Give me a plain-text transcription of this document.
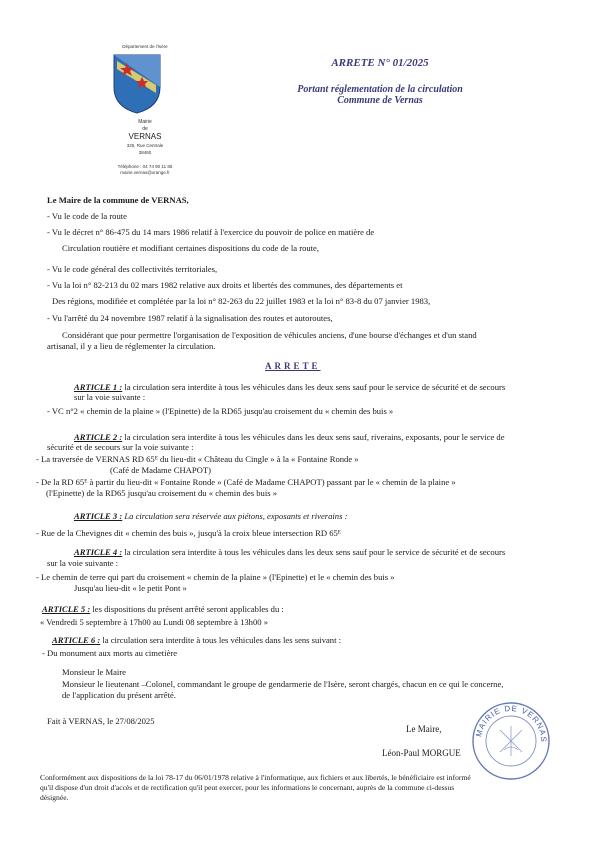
Département de l'Isère
Mairie
de
VERNAS
325, Rue Centrale
38460
Téléphone : 04 74 90 11 85
mairie.vernas@orange.fr
ARRETE N° 01/2025
Portant réglementation de la circulation
Commune de Vernas
Le Maire de la commune de VERNAS,
- Vu le code de la route
- Vu le décret n° 86-475 du 14 mars 1986 relatif à l'exercice du pouvoir de police en matière de
Circulation routière et modifiant certaines dispositions du code de la route,
- Vu le code général des collectivités territoriales,
- Vu la loi n° 82-213 du 02 mars 1982 relative aux droits et libertés des communes, des départements et
Des régions, modifiée et complétée par la loi n° 82-263 du 22 juillet 1983 et la loi n° 83-8 du 07 janvier 1983,
- Vu l'arrêté du 24 novembre 1987 relatif à la signalisation des routes et autoroutes,
Considérant que pour permettre l'organisation de l'exposition de véhicules anciens, d'une bourse d'échanges et d'un stand
artisanal, il y a lieu de réglementer la circulation.
ARRETE
ARTICLE 1 : la circulation sera interdite à tous les véhicules dans les deux sens sauf pour le service de sécurité et de secours
sur la voie suivante :
- VC n°2 « chemin de la plaine » (l'Epinette) de la RD65 jusqu'au croisement du « chemin des buis »
ARTICLE 2 : la circulation sera interdite à tous les véhicules dans les deux sens sauf, riverains, exposants, pour le service de
sécurité et de secours sur la voie suivante :
- La traversée de VERNAS RD 65ᴱ du lieu-dit « Château du Cingle » à la « Fontaine Ronde »
(Café de Madame CHAPOT)
- De la RD 65ᴱ à partir du lieu-dit « Fontaine Ronde » (Café de Madame CHAPOT) passant par le « chemin de la plaine »
(l'Epinette) de la RD65 jusqu'au croisement du « chemin des buis »
ARTICLE 3 : La circulation sera réservée aux piétons, exposants et riverains :
- Rue de la Chevignes dit « chemin des buis », jusqu'à la croix bleue intersection RD 65ᴱ
ARTICLE 4 : la circulation sera interdite à tous les véhicules dans les deux sens sauf pour le service de sécurité et de secours
sur la voie suivante :
- Le chemin de terre qui part du croisement « chemin de la plaine » (l'Epinette) et le « chemin des buis »
Jusqu'au lieu-dit « le petit Pont »
ARTICLE 5 : les dispositions du présent arrêté seront applicables du :
« Vendredi 5 septembre à 17h00 au Lundi 08 septembre à 13h00 »
ARTICLE 6 : la circulation sera interdite à tous les véhicules dans les sens suivant :
- Du monument aux morts au cimetière
Monsieur le Maire
Monsieur le lieutenant –Colonel, commandant le groupe de gendarmerie de l'Isère, seront chargés, chacun en ce qui le concerne,
de l'application du présent arrêté.
Fait à VERNAS, le 27/08/2025
Le Maire,
Léon-Paul MORGUE
MAIRIE DE VERNAS
Conformément aux dispositions de la loi 78-17 du 06/01/1978 relative à l'informatique, aux fichiers et aux libertés, le bénéficiaire est informé
qu'il dispose d'un droit d'accès et de rectification qu'il peut exercer, pour les informations le concernant, auprès de la commune ci-dessus
désignée.
